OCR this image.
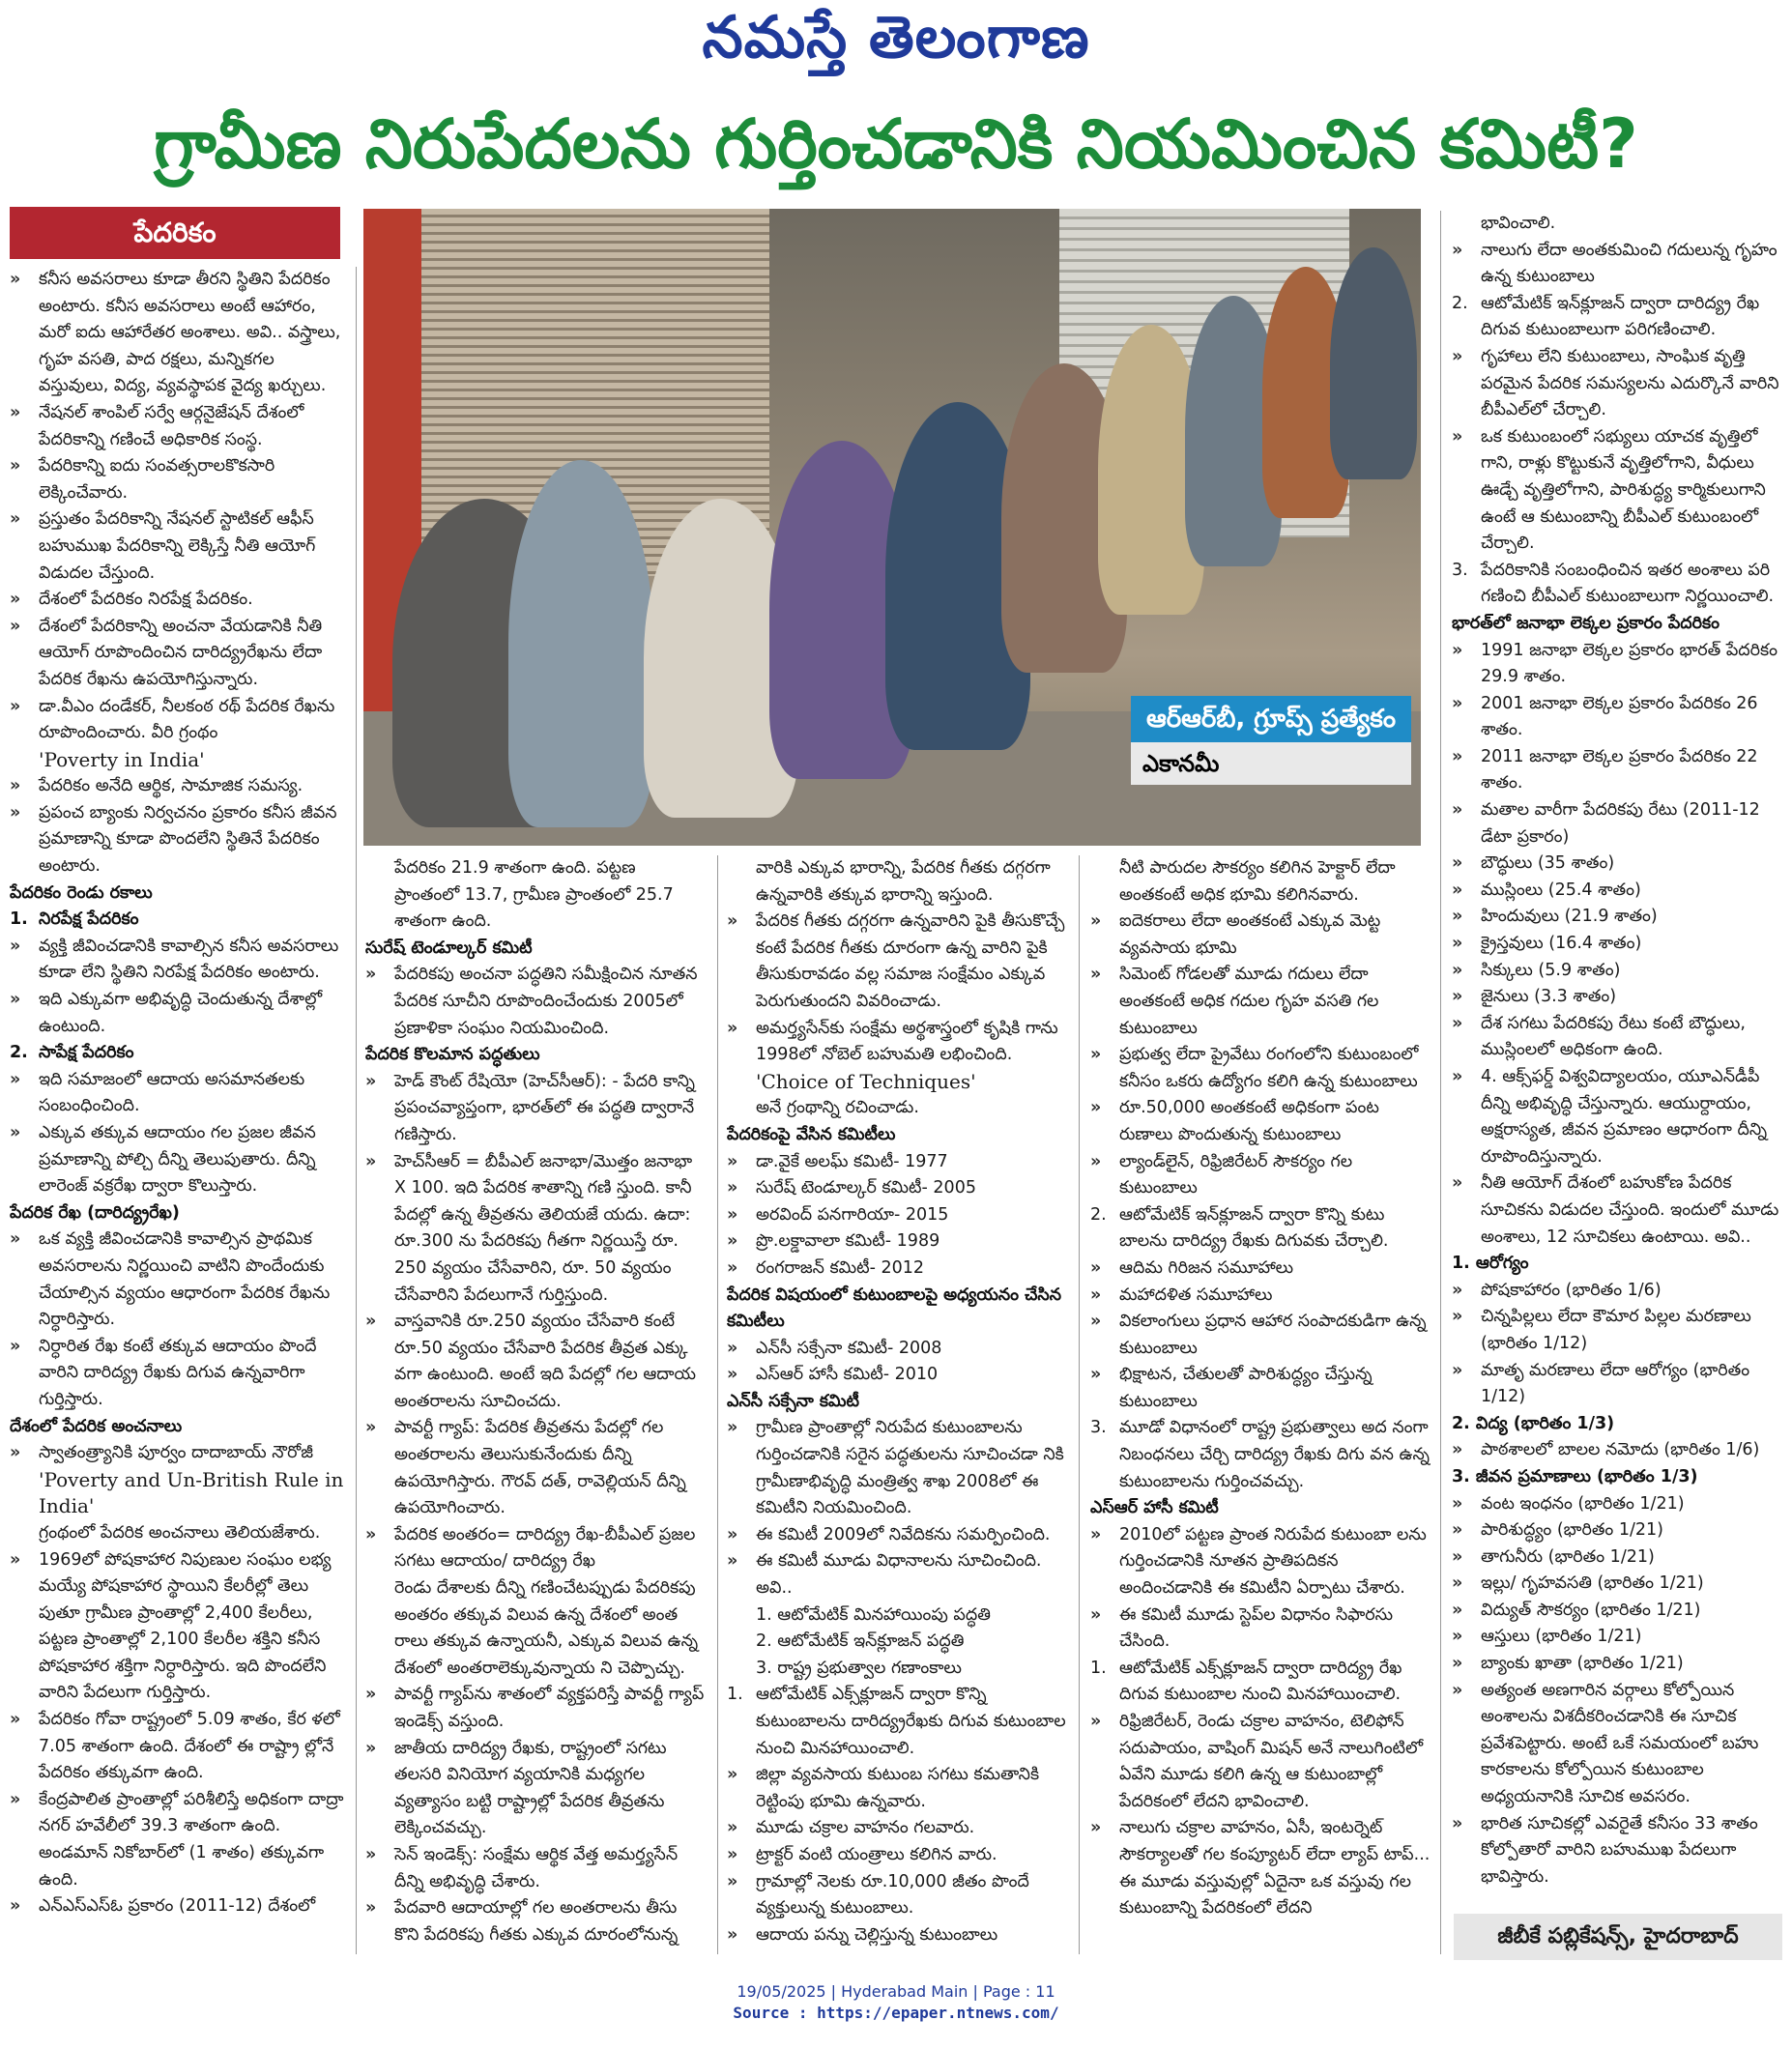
నమస్తే తెలంగాణ
గ్రామీణ నిరుపేదలను గుర్తించడానికి నియమించిన కమిటీ?
పేదరికం

» కనీస అవసరాలు కూడా తీరని స్థితిని పేదరికం అంటారు. కనీస అవసరాలు అంటే ఆహారం, మరో ఐదు ఆహారేతర అంశాలు. అవి.. వస్త్రాలు, గృహ వసతి, పాద రక్షలు, మన్నికగల వస్తువులు, విద్య, వ్యవస్థాపక వైద్య ఖర్చులు.

» నేషనల్‌ శాంపిల్‌ సర్వే ఆర్గనైజేషన్‌ దేశంలో పేదరికాన్ని గణించే అధికారిక సంస్థ.

» పేదరికాన్ని ఐదు సంవత్సరాలకొకసారి లెక్కించేవారు.

» ప్రస్తుతం పేదరికాన్ని నేషనల్‌ స్టాటికల్‌ ఆఫీస్‌ బహుముఖ పేదరికాన్ని లెక్కిస్తే నీతి ఆయోగ్‌ విడుదల చేస్తుంది.

» దేశంలో పేదరికం నిరపేక్ష పేదరికం.

» దేశంలో పేదరికాన్ని అంచనా వేయడానికి నీతి ఆయోగ్‌ రూపొందించిన దారిద్య్రరేఖను లేదా పేదరిక రేఖను ఉపయోగిస్తున్నారు.

» డా.వీఎం దండేకర్‌, నీలకంఠ రథ్‌ పేదరిక రేఖను రూపొందించారు. వీరి గ్రంథం

'Poverty in India'

» పేదరికం అనేది ఆర్థిక, సామాజిక సమస్య.

» ప్రపంచ బ్యాంకు నిర్వచనం ప్రకారం కనీస జీవన ప్రమాణాన్ని కూడా పొందలేని స్థితినే పేదరికం అంటారు.

పేదరికం రెండు రకాలు

1. నిరపేక్ష పేదరికం

» వ్యక్తి జీవించడానికి కావాల్సిన కనీస అవసరాలు కూడా లేని స్థితిని నిరపేక్ష పేదరికం అంటారు.

» ఇది ఎక్కువగా అభివృద్ధి చెందుతున్న దేశాల్లో ఉంటుంది.

2. సాపేక్ష పేదరికం

» ఇది సమాజంలో ఆదాయ అసమానతలకు సంబంధించింది.

» ఎక్కువ తక్కువ ఆదాయం గల ప్రజల జీవన ప్రమాణాన్ని పోల్చి దీన్ని తెలుపుతారు. దీన్ని లారెంజ్‌ వక్రరేఖ ద్వారా కొలుస్తారు.

పేదరిక రేఖ (దారిద్య్రరేఖ)

» ఒక వ్యక్తి జీవించడానికి కావాల్సిన ప్రాథమిక అవసరాలను నిర్ణయించి వాటిని పొందేందుకు చేయాల్సిన వ్యయం ఆధారంగా పేదరిక రేఖను నిర్ధారిస్తారు.

» నిర్ధారిత రేఖ కంటే తక్కువ ఆదాయం పొందే వారిని దారిద్య్ర రేఖకు దిగువ ఉన్నవారిగా గుర్తిస్తారు.

దేశంలో పేదరిక అంచనాలు

» స్వాతంత్ర్యానికి పూర్వం దాదాబాయ్‌ నౌరోజీ

'Poverty and Un-British Rule in India'

గ్రంథంలో పేదరిక అంచనాలు తెలియజేశారు.

» 1969లో పోషకాహార నిపుణుల సంఘం లభ్య మయ్యే పోషకాహార స్థాయిని కేలరీల్లో తెలు పుతూ గ్రామీణ ప్రాంతాల్లో 2,400 కేలరీలు, పట్టణ ప్రాంతాల్లో 2,100 కేలరీల శక్తిని కనీస పోషకాహార శక్తిగా నిర్ధారిస్తారు. ఇది పొందలేని వారిని పేదలుగా గుర్తిస్తారు.

» పేదరికం గోవా రాష్ట్రంలో 5.09 శాతం, కేర ళలో 7.05 శాతంగా ఉంది. దేశంలో ఈ రాష్ట్రా ల్లోనే పేదరికం తక్కువగా ఉంది.

» కేంద్రపాలిత ప్రాంతాల్లో పరిశీలిస్తే అధికంగా దాద్రా నగర్‌ హవేలీలో 39.3 శాతంగా ఉంది. అండమాన్‌ నికోబార్‌లో (1 శాతం) తక్కువగా ఉంది.

» ఎన్‌ఎస్‌ఎస్‌ఓ ప్రకారం (2011-12) దేశంలో

ఆర్‌ఆర్‌బీ, గ్రూప్స్‌ ప్రత్యేకం
ఎకానమీ

పేదరికం 21.9 శాతంగా ఉంది. పట్టణ ప్రాంతంలో 13.7, గ్రామీణ ప్రాంతంలో 25.7 శాతంగా ఉంది.

సురేష్‌ టెండూల్కర్‌ కమిటీ

» పేదరికపు అంచనా పద్ధతిని సమీక్షించిన నూతన పేదరిక సూచీని రూపొందించేందుకు 2005లో ప్రణాళికా సంఘం నియమించింది.

పేదరిక కొలమాన పద్ధతులు

» హెడ్‌ కౌంట్‌ రేషియో (హెచ్‌సీఆర్‌): - పేదరి కాన్ని ప్రపంచవ్యాప్తంగా, భారత్‌లో ఈ పద్ధతి ద్వారానే గణిస్తారు.

» హెచ్‌సీఆర్‌ = బీపీఎల్‌ జనాభా/మొత్తం జనాభా X 100. ఇది పేదరిక శాతాన్ని గణి స్తుంది. కానీ పేదల్లో ఉన్న తీవ్రతను తెలియజే యదు. ఉదా: రూ.300 ను పేదరికపు గీతగా నిర్ణయిస్తే రూ. 250 వ్యయం చేసేవారిని, రూ. 50 వ్యయం చేసేవారిని పేదలుగానే గుర్తిస్తుంది.

» వాస్తవానికి రూ.250 వ్యయం చేసేవారి కంటే రూ.50 వ్యయం చేసేవారి పేదరిక తీవ్రత ఎక్కు వగా ఉంటుంది. అంటే ఇది పేదల్లో గల ఆదాయ అంతరాలను సూచించదు.

» పావర్టీ గ్యాప్‌: పేదరిక తీవ్రతను పేదల్లో గల అంతరాలను తెలుసుకునేందుకు దీన్ని ఉపయోగిస్తారు. గౌరవ్‌ దత్‌, రావెల్లియన్‌ దీన్ని ఉపయోగించారు.

» పేదరిక అంతరం= దారిద్య్ర రేఖ-బీపీఎల్‌ ప్రజల సగటు ఆదాయం/ దారిద్య్ర రేఖ

రెండు దేశాలకు దీన్ని గణించేటప్పుడు పేదరికపు అంతరం తక్కువ విలువ ఉన్న దేశంలో అంత రాలు తక్కువ ఉన్నాయనీ, ఎక్కువ విలువ ఉన్న దేశంలో అంతరాలెక్కువున్నాయ ని చెప్పొచ్చు.

» పావర్టీ గ్యాప్‌ను శాతంలో వ్యక్తపరిస్తే పావర్టీ గ్యాప్‌ ఇండెక్స్‌ వస్తుంది.

» జాతీయ దారిద్య్ర రేఖకు, రాష్ట్రంలో సగటు తలసరి వినియోగ వ్యయానికి మధ్యగల వ్యత్యాసం బట్టి రాష్ట్రాల్లో పేదరిక తీవ్రతను లెక్కించవచ్చు.

» సెన్‌ ఇండెక్స్‌: సంక్షేమ ఆర్థిక వేత్త అమర్త్యసేన్‌ దీన్ని అభివృద్ధి చేశారు.

» పేదవారి ఆదాయాల్లో గల అంతరాలను తీసు కొని పేదరికపు గీతకు ఎక్కువ దూరంలోనున్న

వారికి ఎక్కువ భారాన్ని, పేదరిక గీతకు దగ్గరగా ఉన్నవారికి తక్కువ భారాన్ని ఇస్తుంది.

» పేదరిక గీతకు దగ్గరగా ఉన్నవారిని పైకి తీసుకొచ్చే కంటే పేదరిక గీతకు దూరంగా ఉన్న వారిని పైకి తీసుకురావడం వల్ల సమాజ సంక్షేమం ఎక్కువ పెరుగుతుందని వివరించాడు.

» అమర్త్యసేన్‌కు సంక్షేమ అర్థశాస్త్రంలో కృషికి గాను 1998లో నోబెల్‌ బహుమతి లభించింది.

'Choice of Techniques'

అనే గ్రంథాన్ని రచించాడు.

పేదరికంపై వేసిన కమిటీలు

» డా.వైకే అలఘ్‌ కమిటీ- 1977

» సురేష్‌ టెండూల్కర్‌ కమిటీ- 2005

» అరవింద్‌ పనగారియా- 2015

» ప్రొ.లక్డావాలా కమిటీ- 1989

» రంగరాజన్‌ కమిటీ- 2012

పేదరిక విషయంలో కుటుంబాలపై అధ్యయనం చేసిన కమిటీలు

» ఎన్‌సీ సక్సేనా కమిటీ- 2008

» ఎస్‌ఆర్‌ హాసీ కమిటీ- 2010

ఎన్‌సీ సక్సేనా కమిటీ

» గ్రామీణ ప్రాంతాల్లో నిరుపేద కుటుంబాలను గుర్తించడానికి సరైన పద్ధతులను సూచించడా నికి గ్రామీణాభివృద్ధి మంత్రిత్వ శాఖ 2008లో ఈ కమిటీని నియమించింది.

» ఈ కమిటీ 2009లో నివేదికను సమర్పించింది.

» ఈ కమిటీ మూడు విధానాలను సూచించింది. అవి..

1. ఆటోమేటిక్‌ మినహాయింపు పద్ధతి

2. ఆటోమేటిక్‌ ఇన్‌క్లూజన్‌ పద్ధతి

3. రాష్ట్ర ప్రభుత్వాల గణాంకాలు

1. ఆటోమేటిక్‌ ఎక్స్‌క్లూజన్‌ ద్వారా కొన్ని కుటుంబాలను దారిద్య్రరేఖకు దిగువ కుటుంబాల నుంచి మినహాయించాలి.

» జిల్లా వ్యవసాయ కుటుంబ సగటు కమతానికి రెట్టింపు భూమి ఉన్నవారు.

» మూడు చక్రాల వాహనం గలవారు.

» ట్రాక్టర్‌ వంటి యంత్రాలు కలిగిన వారు.

» గ్రామాల్లో నెలకు రూ.10,000 జీతం పొందే వ్యక్తులున్న కుటుంబాలు.

» ఆదాయ పన్ను చెల్లిస్తున్న కుటుంబాలు

నీటి పారుదల సౌకర్యం కలిగిన హెక్టార్‌ లేదా అంతకంటే అధిక భూమి కలిగినవారు.

» ఐదెకరాలు లేదా అంతకంటే ఎక్కువ మెట్ట వ్యవసాయ భూమి

» సిమెంట్‌ గోడలతో మూడు గదులు లేదా అంతకంటే అధిక గదుల గృహ వసతి గల కుటుంబాలు

» ప్రభుత్వ లేదా ప్రైవేటు రంగంలోని కుటుంబంలో కనీసం ఒకరు ఉద్యోగం కలిగి ఉన్న కుటుంబాలు

» రూ.50,000 అంతకంటే అధికంగా పంట రుణాలు పొందుతున్న కుటుంబాలు

» ల్యాండ్‌లైన్‌, రిఫ్రిజిరేటర్‌ సౌకర్యం గల కుటుంబాలు

2. ఆటోమేటిక్‌ ఇన్‌క్లూజన్‌ ద్వారా కొన్ని కుటు బాలను దారిద్య్ర రేఖకు దిగువకు చేర్చాలి.

» ఆదిమ గిరిజన సమూహాలు

» మహాదళిత సమూహాలు

» వికలాంగులు ప్రధాన ఆహార సంపాదకుడిగా ఉన్న కుటుంబాలు

» భిక్షాటన, చేతులతో పారిశుద్ధ్యం చేస్తున్న కుటుంబాలు

3. మూడో విధానంలో రాష్ట్ర ప్రభుత్వాలు అద నంగా నిబంధనలు చేర్చి దారిద్య్ర రేఖకు దిగు వన ఉన్న కుటుంబాలను గుర్తించవచ్చు.

ఎస్‌ఆర్‌ హాసీ కమిటీ

» 2010లో పట్టణ ప్రాంత నిరుపేద కుటుంబా లను గుర్తించడానికి నూతన ప్రాతిపదికన అందించడానికి ఈ కమిటీని ఏర్పాటు చేశారు.

» ఈ కమిటీ మూడు స్టెప్‌ల విధానం సిఫారసు చేసింది.

1. ఆటోమేటిక్‌ ఎక్స్‌క్లూజన్‌ ద్వారా దారిద్య్ర రేఖ దిగువ కుటుంబాల నుంచి మినహాయించాలి.

» రిఫ్రిజిరేటర్‌, రెండు చక్రాల వాహనం, టెలిఫోన్‌ సదుపాయం, వాషింగ్‌ మిషన్‌ అనే నాలుగింటిలో ఏవేని మూడు కలిగి ఉన్న ఆ కుటుంబాల్లో పేదరికంలో లేదని భావించాలి.

» నాలుగు చక్రాల వాహనం, ఏసీ, ఇంటర్నెట్‌ సౌకర్యాలతో గల కంప్యూటర్‌ లేదా ల్యాప్‌ టాప్‌... ఈ మూడు వస్తువుల్లో ఏదైనా ఒక వస్తువు గల కుటుంబాన్ని పేదరికంలో లేదని

భావించాలి.

» నాలుగు లేదా అంతకుమించి గదులున్న గృహం ఉన్న కుటుంబాలు

2. ఆటోమేటిక్‌ ఇన్‌క్లూజన్‌ ద్వారా దారిద్య్ర రేఖ దిగువ కుటుంబాలుగా పరిగణించాలి.

» గృహాలు లేని కుటుంబాలు, సాంఘిక వృత్తి పరమైన పేదరిక సమస్యలను ఎదుర్కొనే వారిని బీపీఎల్‌లో చేర్చాలి.

» ఒక కుటుంబంలో సభ్యులు యాచక వృత్తిలో గాని, రాళ్లు కొట్టుకునే వృత్తిలోగాని, వీధులు ఊడ్చే వృత్తిలోగాని, పారిశుద్ధ్య కార్మికులుగాని ఉంటే ఆ కుటుంబాన్ని బీపీఎల్‌ కుటుంబంలో చేర్చాలి.

3. పేదరికానికి సంబంధించిన ఇతర అంశాలు పరి గణించి బీపీఎల్‌ కుటుంబాలుగా నిర్ణయించాలి.

భారత్‌లో జనాభా లెక్కల ప్రకారం పేదరికం

» 1991 జనాభా లెక్కల ప్రకారం భారత్‌ పేదరికం 29.9 శాతం.

» 2001 జనాభా లెక్కల ప్రకారం పేదరికం 26 శాతం.

» 2011 జనాభా లెక్కల ప్రకారం పేదరికం 22 శాతం.

» మతాల వారీగా పేదరికపు రేటు (2011-12 డేటా ప్రకారం)

» బౌద్ధులు (35 శాతం)

» ముస్లింలు (25.4 శాతం)

» హిందువులు (21.9 శాతం)

» క్రైస్తవులు (16.4 శాతం)

» సిక్కులు (5.9 శాతం)

» జైనులు (3.3 శాతం)

» దేశ సగటు పేదరికపు రేటు కంటే బౌద్ధులు, ముస్లింలలో అధికంగా ఉంది.

» 4. ఆక్స్‌ఫర్డ్‌ విశ్వవిద్యాలయం, యూఎన్‌డీపీ దీన్ని అభివృద్ధి చేస్తున్నారు. ఆయుర్దాయం, అక్షరాస్యత, జీవన ప్రమాణం ఆధారంగా దీన్ని రూపొందిస్తున్నారు.

» నీతి ఆయోగ్‌ దేశంలో బహుకోణ పేదరిక సూచికను విడుదల చేస్తుంది. ఇందులో మూడు అంశాలు, 12 సూచికలు ఉంటాయి. అవి..

1. ఆరోగ్యం

» పోషకాహారం (భారితం 1/6)

» చిన్నపిల్లలు లేదా కౌమార పిల్లల మరణాలు (భారితం 1/12)

» మాతృ మరణాలు లేదా ఆరోగ్యం (భారితం 1/12)

2. విద్య (భారితం 1/3)

» పాఠశాలలో బాలల నమోదు (భారితం 1/6)

3. జీవన ప్రమాణాలు (భారితం 1/3)

» వంట ఇంధనం (భారితం 1/21)

» పారిశుద్ధ్యం (భారితం 1/21)

» తాగునీరు (భారితం 1/21)

» ఇల్లు/ గృహవసతి (భారితం 1/21)

» విద్యుత్‌ సౌకర్యం (భారితం 1/21)

» ఆస్తులు (భారితం 1/21)

» బ్యాంకు ఖాతా (భారితం 1/21)

» అత్యంత అణగారిన వర్గాలు కోల్పోయిన అంశాలను విశదీకరించడానికి ఈ సూచిక ప్రవేశపెట్టారు. అంటే ఒకే సమయంలో బహు కారకాలను కోల్పోయిన కుటుంబాల అధ్యయనానికి సూచిక అవసరం.

» భారిత సూచికల్లో ఎవరైతే కనీసం 33 శాతం కోల్పోతారో వారిని బహుముఖ పేదలుగా భావిస్తారు.

జీబీకే పబ్లికేషన్స్‌, హైదరాబాద్‌
19/05/2025 | Hyderabad Main | Page : 11
Source : https://epaper.ntnews.com/
